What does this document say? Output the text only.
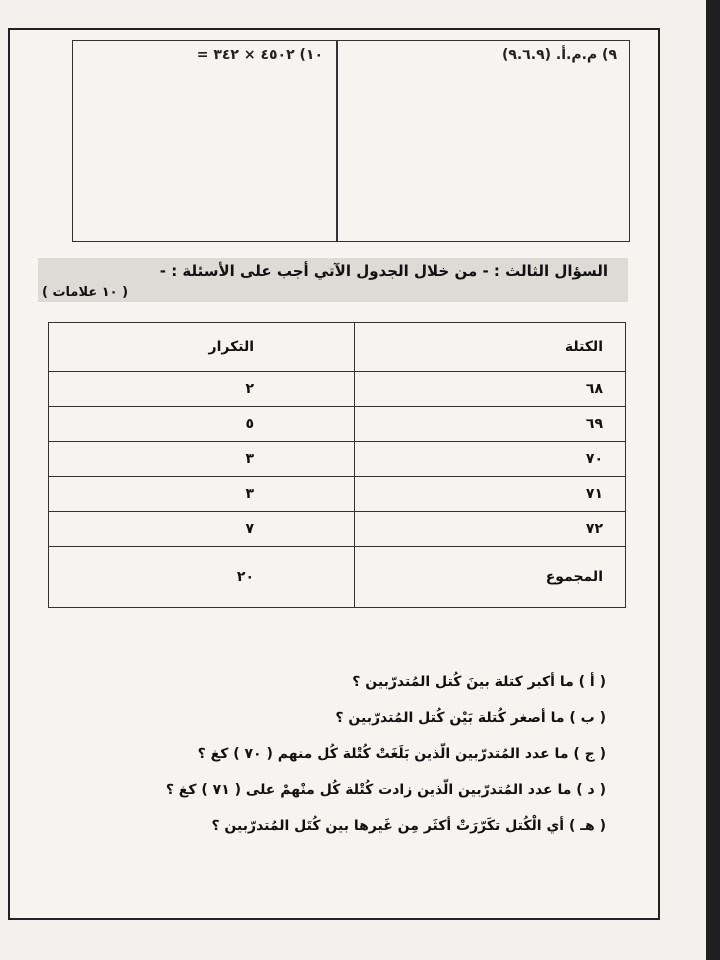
٩) م.م.أ. (٩.٦.٩)
١٠) ٤٥٠٢ × ٣٤٢ =
السؤال الثالث : - من خلال الجدول الآتي أجب على الأسئلة : -
( ١٠ علامات )
الكتلة	التكرار
٦٨	٢
٦٩	٥
٧٠	٣
٧١	٣
٧٢	٧
المجموع	٢٠
( أ ) ما أكبر كتلة بينَ كُتل المُتدرّبين ؟
( ب ) ما أصغر كُتلة بَيْن كُتل المُتدرّبين ؟
( ج ) ما عدد المُتدرّبين الّذين بَلَغَتْ كُتْلة كُل منهم ( ٧٠ ) كغ ؟
( د ) ما عدد المُتدرّبين الّذين زادت كُتْلة كُل منْهمْ على ( ٧١ ) كغ ؟
( هـ ) أي الْكُتل تكَرّرَتْ أكثَر مِن غَيرها بين كُتَل المُتدرّبين ؟
